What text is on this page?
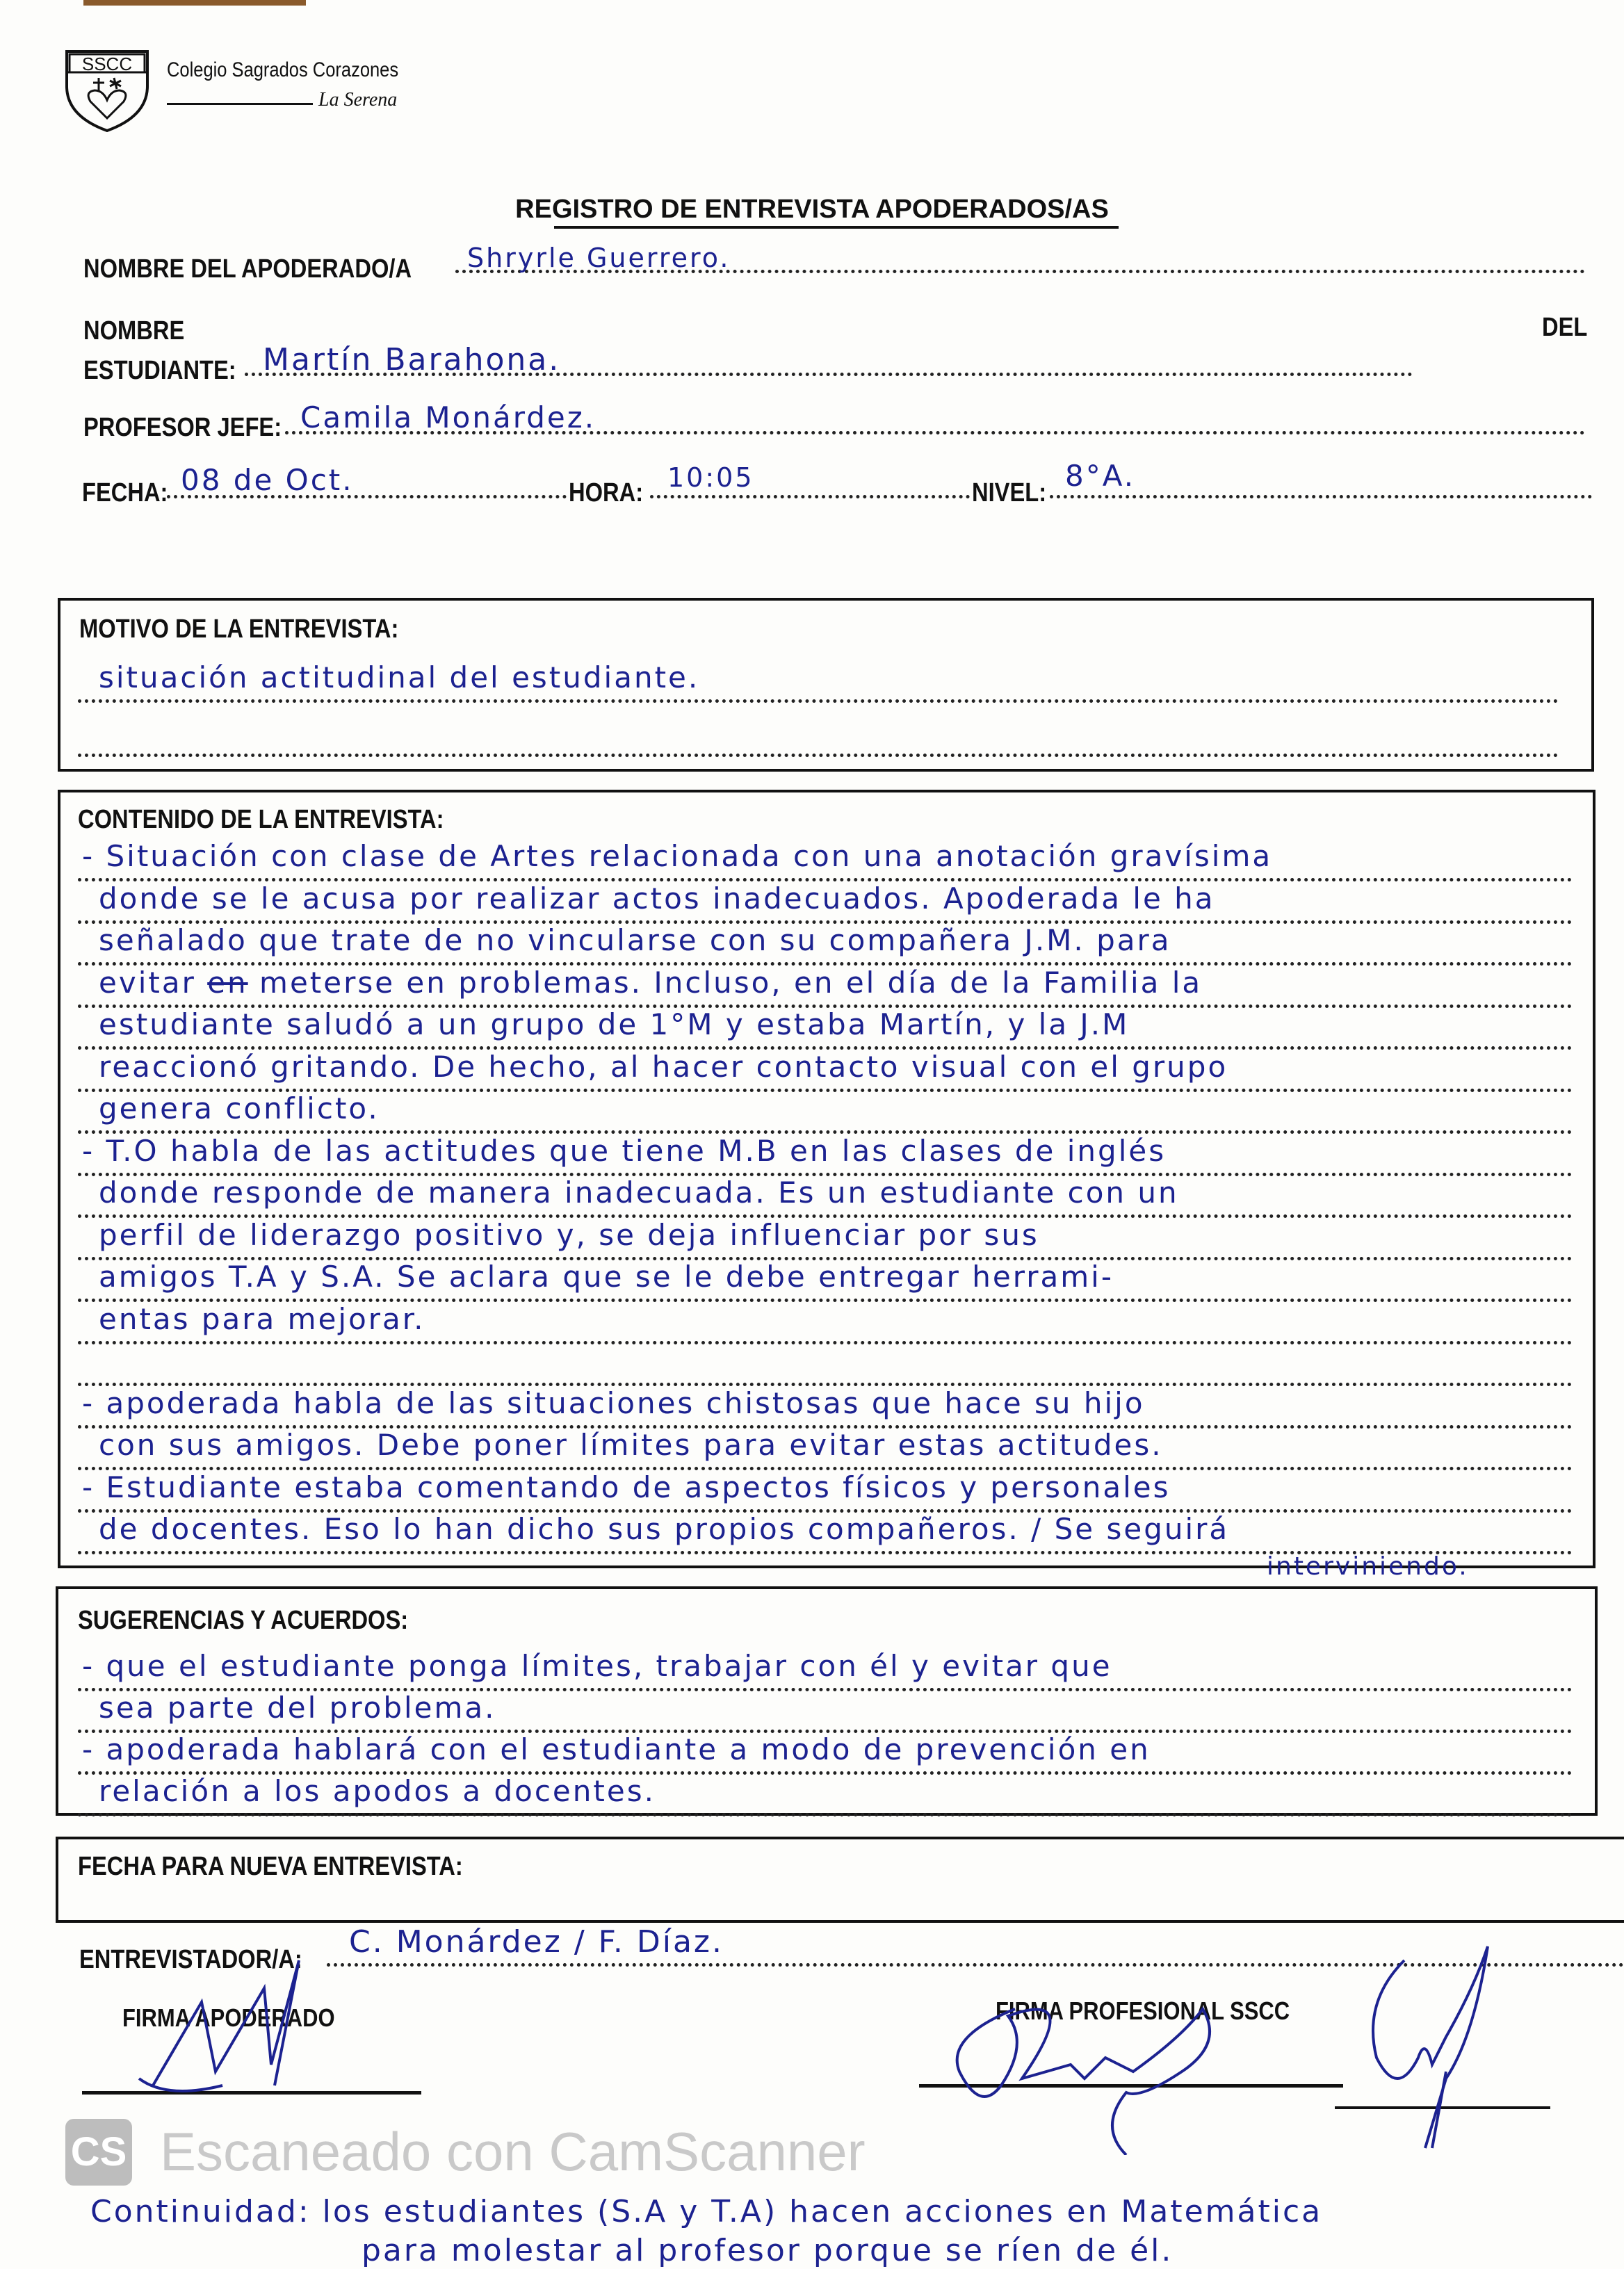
SSCC Colegio Sagrados Corazones
La Serena
REGISTRO DE ENTREVISTA APODERADOS/AS
NOMBRE DEL APODERADO/A Shryrle Guerrero.
NOMBRE	DEL
ESTUDIANTE: Martín Barahona.
PROFESOR JEFE: Camila Monárdez.
FECHA: 08 de Oct.	HORA: 10:05	NIVEL: 8°A.
MOTIVO DE LA ENTREVISTA:
situación actitudinal del estudiante.
CONTENIDO DE LA ENTREVISTA:
- Situación con clase de Artes relacionada con una anotación gravísima
donde se le acusa por realizar actos inadecuados. Apoderada le ha
señalado que trate de no vincularse con su compañera J.M. para
evitar en meterse en problemas. Incluso, en el día de la Familia la
estudiante saludó a un grupo de 1°M y estaba Martín, y la J.M
reaccionó gritando. De hecho, al hacer contacto visual con el grupo
genera conflicto.
- T.O habla de las actitudes que tiene M.B en las clases de inglés
donde responde de manera inadecuada. Es un estudiante con un
perfil de liderazgo positivo y, se deja influenciar por sus
amigos T.A y S.A. Se aclara que se le debe entregar herrami-
entas para mejorar.
- apoderada habla de las situaciones chistosas que hace su hijo
con sus amigos. Debe poner límites para evitar estas actitudes.
- Estudiante estaba comentando de aspectos físicos y personales
de docentes. Eso lo han dicho sus propios compañeros. / Se seguirá
interviniendo.
SUGERENCIAS Y ACUERDOS:
- que el estudiante ponga límites, trabajar con él y evitar que
sea parte del problema.
- apoderada hablará con el estudiante a modo de prevención en
relación a los apodos a docentes.
FECHA PARA NUEVA ENTREVISTA:
ENTREVISTADOR/A: C. Monárdez / F. Díaz.
FIRMA APODERADO	FIRMA PROFESIONAL SSCC
CS Escaneado con CamScanner
Continuidad: los estudiantes (S.A y T.A) hacen acciones en Matemática
para molestar al profesor porque se ríen de él.
